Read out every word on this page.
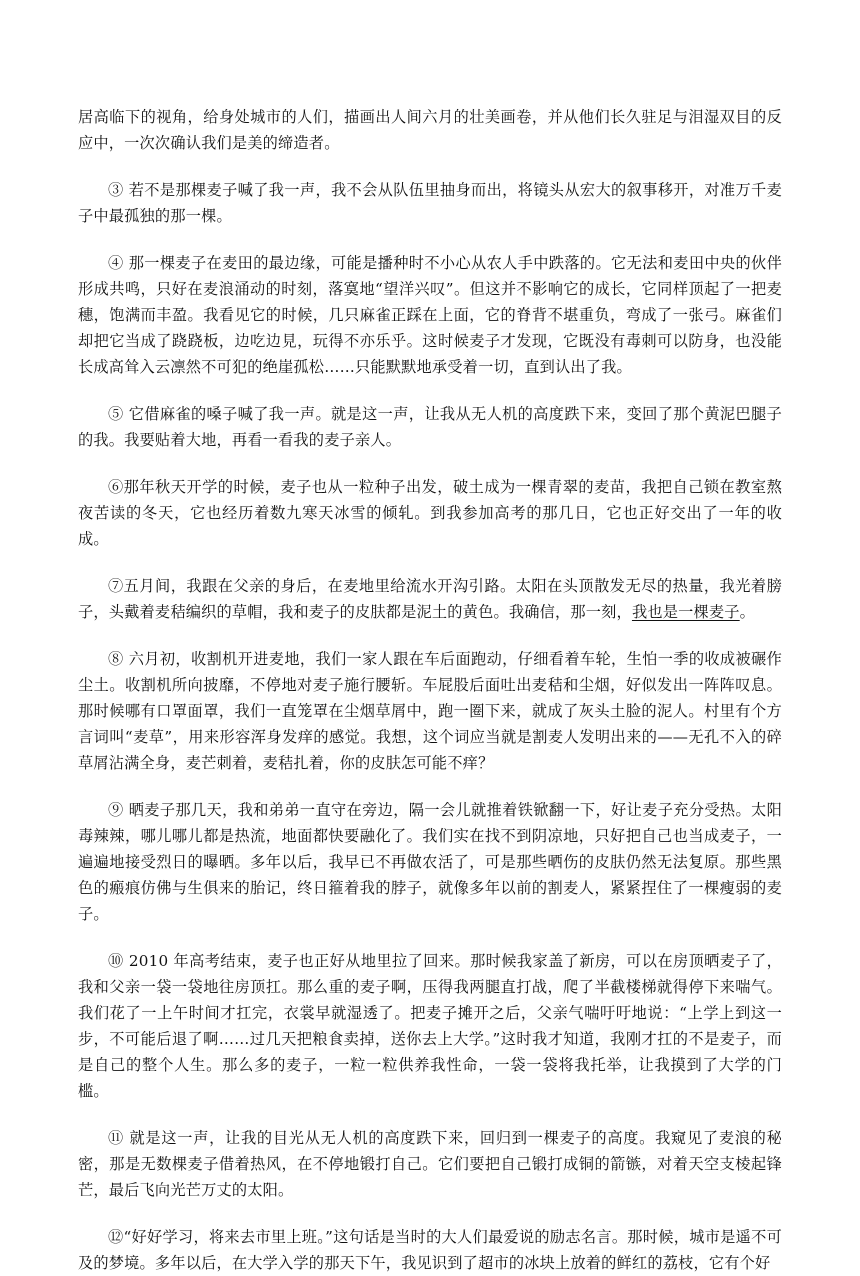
居高临下的视角，给身处城市的人们，描画出人间六月的壮美画卷，并从他们长久驻足与泪湿双目的反应中，一次次确认我们是美的缔造者。

③ 若不是那棵麦子喊了我一声，我不会从队伍里抽身而出，将镜头从宏大的叙事移开，对准万千麦子中最孤独的那一棵。

④ 那一棵麦子在麦田的最边缘，可能是播种时不小心从农人手中跌落的。它无法和麦田中央的伙伴形成共鸣，只好在麦浪涌动的时刻，落寞地“望洋兴叹”。但这并不影响它的成长，它同样顶起了一把麦穗，饱满而丰盈。我看见它的时候，几只麻雀正踩在上面，它的脊背不堪重负，弯成了一张弓。麻雀们却把它当成了跷跷板，边吃边見，玩得不亦乐乎。这时候麦子才发现，它既没有毒刺可以防身，也没能长成高耸入云凛然不可犯的绝崖孤松……只能默默地承受着一切，直到认出了我。

⑤ 它借麻雀的嗓子喊了我一声。就是这一声，让我从无人机的高度跌下来，变回了那个黄泥巴腿子的我。我要贴着大地，再看一看我的麦子亲人。

⑥那年秋天开学的时候，麦子也从一粒种子出发，破土成为一棵青翠的麦苗，我把自己锁在教室熬夜苦读的冬天，它也经历着数九寒天冰雪的倾轧。到我参加高考的那几日，它也正好交出了一年的收成。

⑦五月间，我跟在父亲的身后，在麦地里给流水开沟引路。太阳在头顶散发无尽的热量，我光着膀子，头戴着麦秸编织的草帽，我和麦子的皮肤都是泥土的黄色。我确信，那一刻，我也是一棵麦子。

⑧ 六月初，收割机开进麦地，我们一家人跟在车后面跑动，仔细看着车轮，生怕一季的收成被碾作尘土。收割机所向披靡，不停地对麦子施行腰斩。车屁股后面吐出麦秸和尘烟，好似发出一阵阵叹息。那时候哪有口罩面罩，我们一直笼罩在尘烟草屑中，跑一圈下来，就成了灰头土脸的泥人。村里有个方言词叫“麦草”，用来形容浑身发痒的感觉。我想，这个词应当就是割麦人发明出来的——无孔不入的碎草屑沾满全身，麦芒刺着，麦秸扎着，你的皮肤怎可能不痒？

⑨ 晒麦子那几天，我和弟弟一直守在旁边，隔一会儿就推着铁锨翻一下，好让麦子充分受热。太阳毒辣辣，哪儿哪儿都是热流，地面都快要融化了。我们实在找不到阴凉地，只好把自己也当成麦子，一遍遍地接受烈日的曝晒。多年以后，我早已不再做农活了，可是那些晒伤的皮肤仍然无法复原。那些黑色的瘢痕仿佛与生俱来的胎记，终日箍着我的脖子，就像多年以前的割麦人，紧紧捏住了一棵瘦弱的麦子。

⑩ 2010 年高考结束，麦子也正好从地里拉了回来。那时候我家盖了新房，可以在房顶晒麦子了，我和父亲一袋一袋地往房顶扛。那么重的麦子啊，压得我两腿直打战，爬了半截楼梯就得停下来喘气。我们花了一上午时间才扛完，衣裳早就湿透了。把麦子摊开之后，父亲气喘吁吁地说：“上学上到这一步，不可能后退了啊……过几天把粮食卖掉，送你去上大学。”这时我才知道，我刚才扛的不是麦子，而是自己的整个人生。那么多的麦子，一粒一粒供养我性命，一袋一袋将我托举，让我摸到了大学的门槛。

⑪ 就是这一声，让我的目光从无人机的高度跌下来，回归到一棵麦子的高度。我窥见了麦浪的秘密，那是无数棵麦子借着热风，在不停地锻打自己。它们要把自己锻打成铜的箭镞，对着天空支棱起锋芒，最后飞向光芒万丈的太阳。

⑫“好好学习，将来去市里上班。”这句话是当时的大人们最爱说的励志名言。那时候，城市是遥不可及的梦境。多年以后，在大学入学的那天下午，我见识到了超市的冰块上放着的鲜红的荔枝，它有个好
